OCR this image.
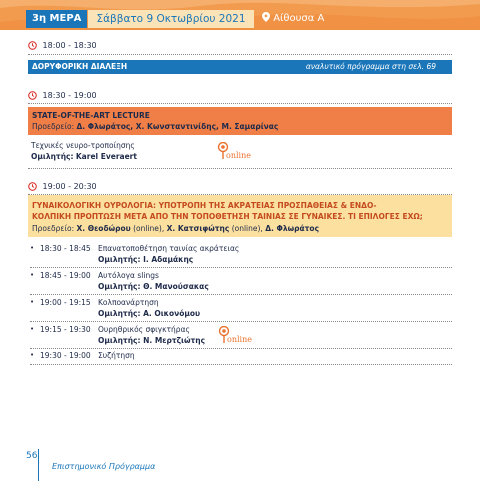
3η ΜΕΡΑ	Σάββατο 9 Οκτωβρίου 2021	Αίθουσα Α
18:00 - 18:30
ΔΟΡΥΦΟΡΙΚΗ ΔΙΑΛΕΞΗ	αναλυτικό πρόγραμμα στη σελ. 69
18:30 - 19:00
STATE-OF-THE-ART LECTURE
Προεδρείο: Δ. Φλωράτος, Χ. Κωνσταντινίδης, Μ. Σαμαρίνας
Τεχνικές νευρο-τροποίησης
Ομιλητής: Karel Everaert	online
19:00 - 20:30
ΓΥΝΑΙΚΟΛΟΓΙΚΗ ΟΥΡΟΛΟΓΙΑ: ΥΠΟΤΡΟΠΗ ΤΗΣ ΑΚΡΑΤΕΙΑΣ ΠΡΟΣΠΑΘΕΙΑΣ & ΕΝΔΟ-
ΚΟΛΠΙΚΗ ΠΡΟΠΤΩΣΗ ΜΕΤΑ ΑΠΟ ΤΗΝ ΤΟΠΟΘΕΤΗΣΗ ΤΑΙΝΙΑΣ ΣΕ ΓΥΝΑΙΚΕΣ. ΤΙ ΕΠΙΛΟΓΕΣ ΕΧΩ;
Προεδρείο: Χ. Θεοδώρου (online), Χ. Κατσιφώτης (online), Δ. Φλωράτος
• 18:30 - 18:45 Επανατοποθέτηση ταινίας ακράτειας
Ομιλητής: Ι. Αδαμάκης
• 18:45 - 19:00 Αυτόλογα slings
Ομιλητής: Θ. Μανούσακας
• 19:00 - 19:15 Κολποανάρτηση
Ομιλητής: Α. Οικονόμου
• 19:15 - 19:30 Ουρηθρικός σφιγκτήρας
Ομιλητής: Ν. Μερτζιώτης	online
• 19:30 - 19:00 Συζήτηση
56
Επιστημονικό Πρόγραμμα
